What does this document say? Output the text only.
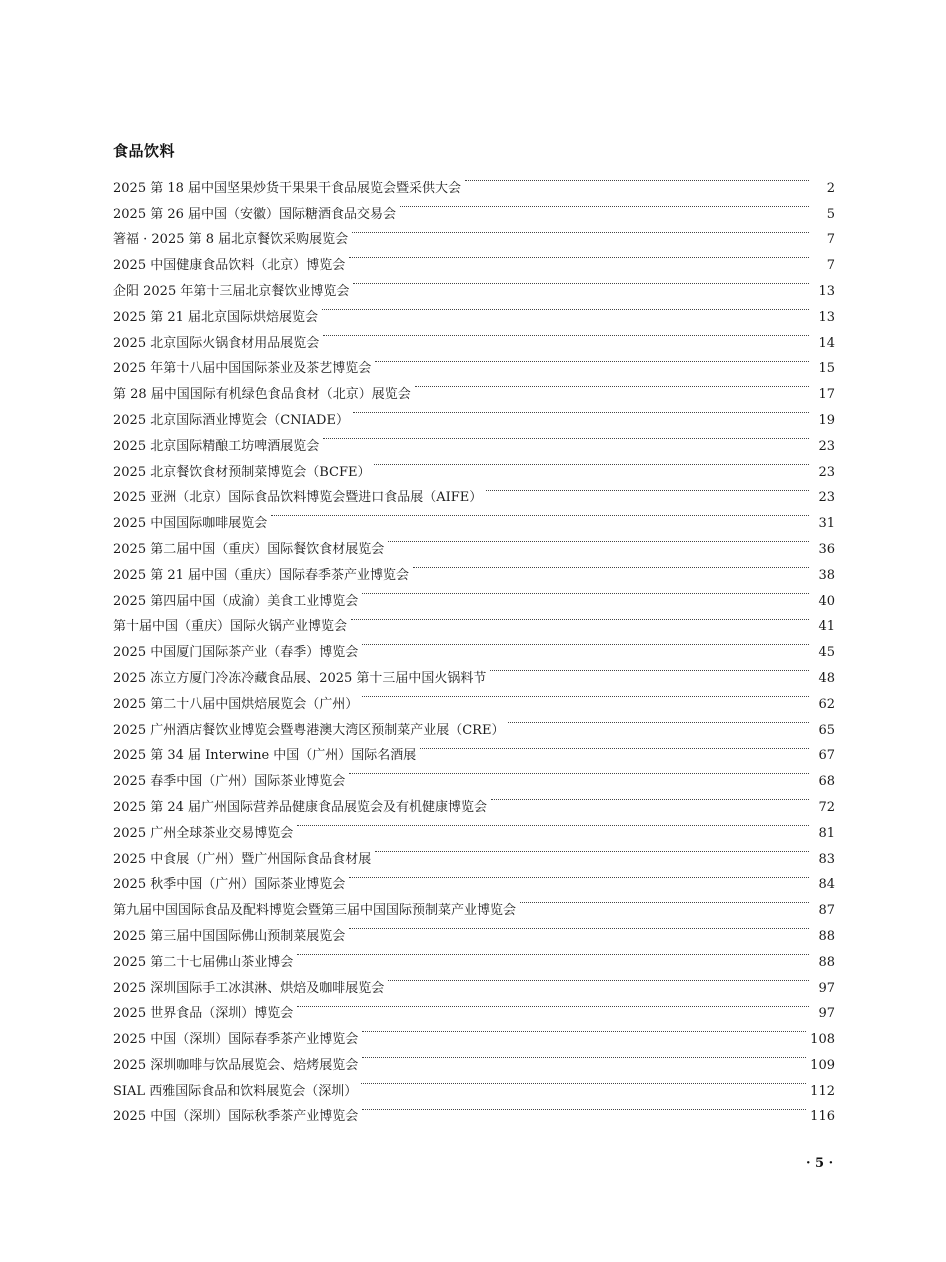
食品饮料
2025 第 18 届中国坚果炒货干果果干食品展览会暨采供大会	2
2025 第 26 届中国（安徽）国际糖酒食品交易会	5
箸福 · 2025 第 8 届北京餐饮采购展览会	7
2025 中国健康食品饮料（北京）博览会	7
企阳 2025 年第十三届北京餐饮业博览会	13
2025 第 21 届北京国际烘焙展览会	13
2025 北京国际火锅食材用品展览会	14
2025 年第十八届中国国际茶业及茶艺博览会	15
第 28 届中国国际有机绿色食品食材（北京）展览会	17
2025 北京国际酒业博览会（CNIADE）	19
2025 北京国际精酿工坊啤酒展览会	23
2025 北京餐饮食材预制菜博览会（BCFE）	23
2025 亚洲（北京）国际食品饮料博览会暨进口食品展（AIFE）	23
2025 中国国际咖啡展览会	31
2025 第二届中国（重庆）国际餐饮食材展览会	36
2025 第 21 届中国（重庆）国际春季茶产业博览会	38
2025 第四届中国（成渝）美食工业博览会	40
第十届中国（重庆）国际火锅产业博览会	41
2025 中国厦门国际茶产业（春季）博览会	45
2025 冻立方厦门冷冻冷藏食品展、2025 第十三届中国火锅料节	48
2025 第二十八届中国烘焙展览会（广州）	62
2025 广州酒店餐饮业博览会暨粤港澳大湾区预制菜产业展（CRE）	65
2025 第 34 届 Interwine 中国（广州）国际名酒展	67
2025 春季中国（广州）国际茶业博览会	68
2025 第 24 届广州国际营养品健康食品展览会及有机健康博览会	72
2025 广州全球茶业交易博览会	81
2025 中食展（广州）暨广州国际食品食材展	83
2025 秋季中国（广州）国际茶业博览会	84
第九届中国国际食品及配料博览会暨第三届中国国际预制菜产业博览会	87
2025 第三届中国国际佛山预制菜展览会	88
2025 第二十七届佛山茶业博会	88
2025 深圳国际手工冰淇淋、烘焙及咖啡展览会	97
2025 世界食品（深圳）博览会	97
2025 中国（深圳）国际春季茶产业博览会	108
2025 深圳咖啡与饮品展览会、焙烤展览会	109
SIAL 西雅国际食品和饮料展览会（深圳）	112
2025 中国（深圳）国际秋季茶产业博览会	116
· 5 ·
